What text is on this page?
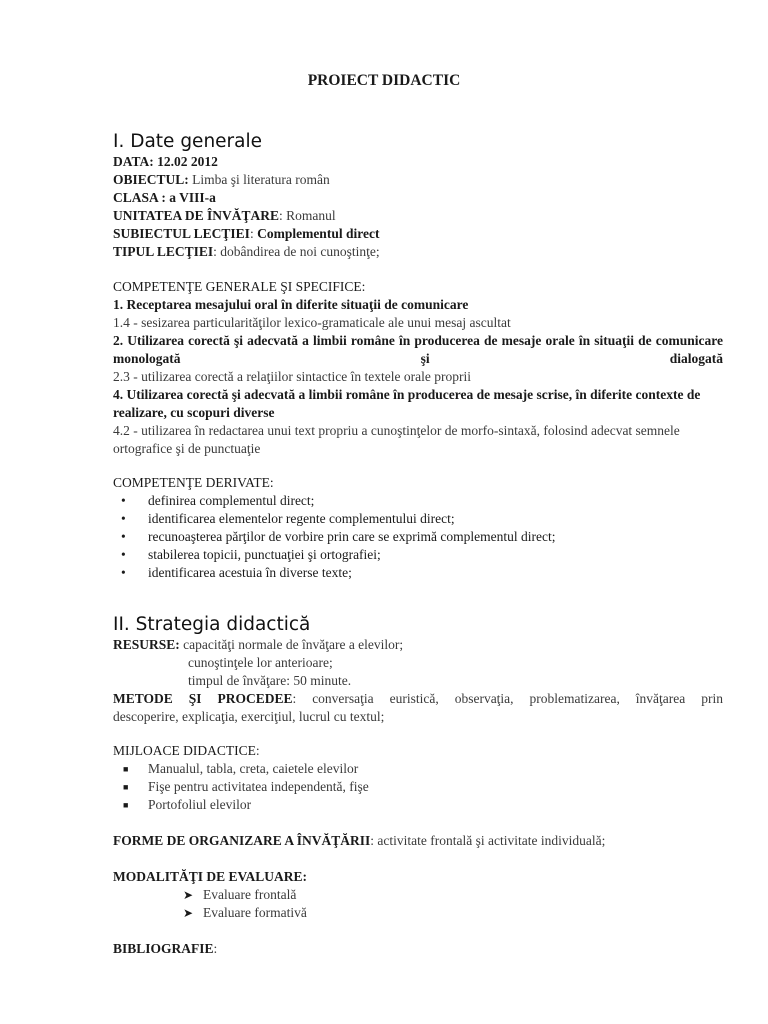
PROIECT DIDACTIC
I. Date generale
DATA: 12.02 2012
OBIECTUL: Limba şi literatura român
CLASA : a VIII-a
UNITATEA DE ÎNVĂŢARE: Romanul
SUBIECTUL LECŢIEI: Complementul direct
TIPUL LECŢIEI: dobândirea de noi cunoştinţe;
COMPETENŢE GENERALE ŞI SPECIFICE:
1. Receptarea mesajului oral în diferite situaţii de comunicare
1.4 - sesizarea particularităţilor lexico-gramaticale ale unui mesaj ascultat
2. Utilizarea corectă şi adecvată a limbii române în producerea de mesaje orale în situaţii de comunicare monologată şi dialogată
2.3 - utilizarea corectă a relaţiilor sintactice în textele orale proprii
4. Utilizarea corectă şi adecvată a limbii române în producerea de mesaje scrise, în diferite contexte de realizare, cu scopuri diverse
4.2 - utilizarea în redactarea unui text propriu a cunoştinţelor de morfo-sintaxă, folosind adecvat semnele ortografice şi de punctuaţie
COMPETENŢE DERIVATE:
• definirea complementul direct;
• identificarea elementelor regente complementului direct;
• recunoaşterea părţilor de vorbire prin care se exprimă complementul direct;
• stabilerea topicii, punctuaţiei şi ortografiei;
• identificarea acestuia în diverse texte;
II. Strategia didactică
RESURSE: capacităţi normale de învăţare a elevilor;
cunoştinţele lor anterioare;
timpul de învăţare: 50 minute.
METODE ŞI PROCEDEE: conversaţia euristică, observaţia, problematizarea, învăţarea prin
descoperire, explicaţia, exerciţiul, lucrul cu textul;
MIJLOACE DIDACTICE:
■ Manualul, tabla, creta, caietele elevilor
■ Fişe pentru activitatea independentă, fişe
■ Portofoliul elevilor
FORME DE ORGANIZARE A ÎNVĂŢĂRII: activitate frontală şi activitate individuală;
MODALITĂŢI DE EVALUARE:
➤ Evaluare frontală
➤ Evaluare formativă
BIBLIOGRAFIE:
